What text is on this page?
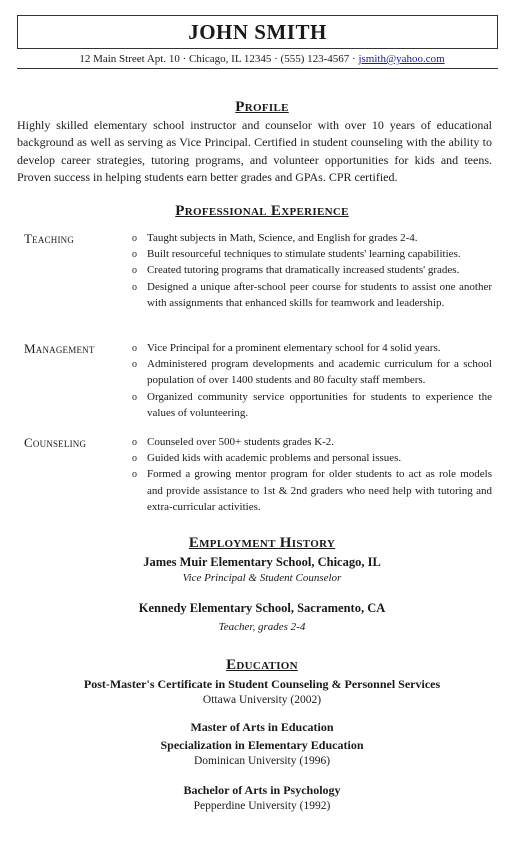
JOHN SMITH
12 Main Street Apt. 10 · Chicago, IL 12345 · (555) 123-4567 · jsmith@yahoo.com
Profile
Highly skilled elementary school instructor and counselor with over 10 years of educational background as well as serving as Vice Principal. Certified in student counseling with the ability to develop career strategies, tutoring programs, and volunteer opportunities for kids and teens. Proven success in helping students earn better grades and GPAs. CPR certified.
Professional Experience
Teaching	o Taught subjects in Math, Science, and English for grades 2-4.
o Built resourceful techniques to stimulate students' learning capabilities.
o Created tutoring programs that dramatically increased students' grades.
o Designed a unique after-school peer course for students to assist one another with assignments that enhanced skills for teamwork and leadership.
Management	o Vice Principal for a prominent elementary school for 4 solid years.
o Administered program developments and academic curriculum for a school population of over 1400 students and 80 faculty staff members.
o Organized community service opportunities for students to experience the values of volunteering.
Counseling	o Counseled over 500+ students grades K-2.
o Guided kids with academic problems and personal issues.
o Formed a growing mentor program for older students to act as role models and provide assistance to 1st & 2nd graders who need help with tutoring and extra-curricular activities.
Employment History
James Muir Elementary School, Chicago, IL
Vice Principal & Student Counselor
Kennedy Elementary School, Sacramento, CA
Teacher, grades 2-4
Education
Post-Master's Certificate in Student Counseling & Personnel Services
Ottawa University (2002)
Master of Arts in Education
Specialization in Elementary Education
Dominican University (1996)
Bachelor of Arts in Psychology
Pepperdine University (1992)
